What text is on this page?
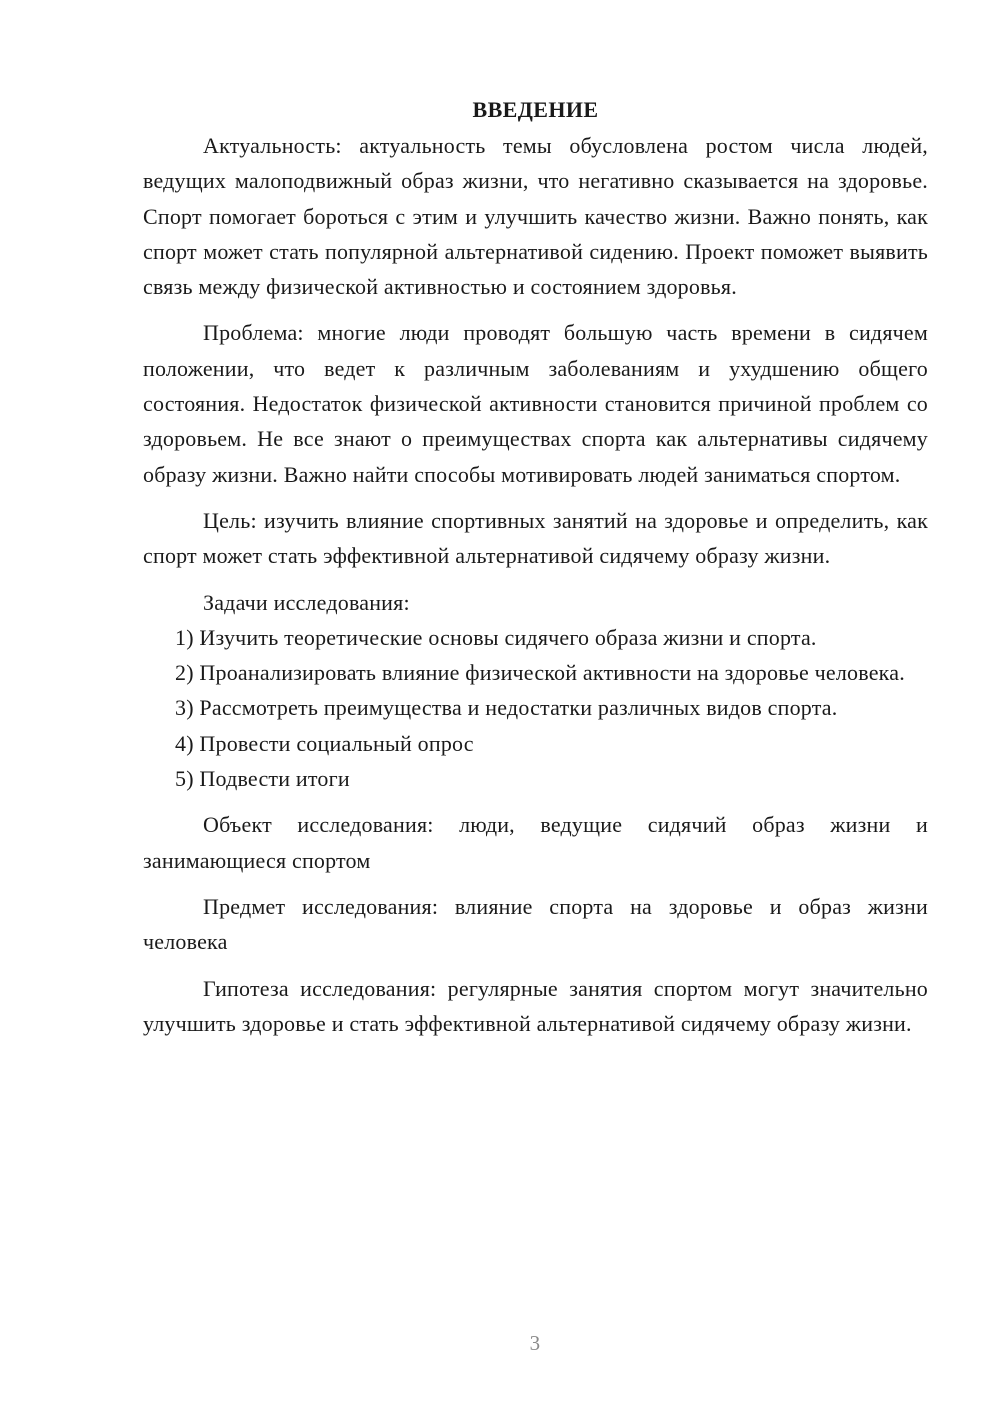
ВВЕДЕНИЕ

Актуальность: актуальность темы обусловлена ростом числа людей, ведущих малоподвижный образ жизни, что негативно сказывается на здоровье. Спорт помогает бороться с этим и улучшить качество жизни. Важно понять, как спорт может стать популярной альтернативой сидению. Проект поможет выявить связь между физической активностью и состоянием здоровья.

Проблема: многие люди проводят большую часть времени в сидячем положении, что ведет к различным заболеваниям и ухудшению общего состояния. Недостаток физической активности становится причиной проблем со здоровьем. Не все знают о преимуществах спорта как альтернативы сидячему образу жизни. Важно найти способы мотивировать людей заниматься спортом.

Цель: изучить влияние спортивных занятий на здоровье и определить, как спорт может стать эффективной альтернативой сидячему образу жизни.

Задачи исследования:

1) Изучить теоретические основы сидячего образа жизни и спорта.

2) Проанализировать влияние физической активности на здоровье человека.

3) Рассмотреть преимущества и недостатки различных видов спорта.

4) Провести социальный опрос

5) Подвести итоги

Объект исследования: люди, ведущие сидячий образ жизни и занимающиеся спортом

Предмет исследования: влияние спорта на здоровье и образ жизни человека

Гипотеза исследования: регулярные занятия спортом могут значительно улучшить здоровье и стать эффективной альтернативой сидячему образу жизни.

3
